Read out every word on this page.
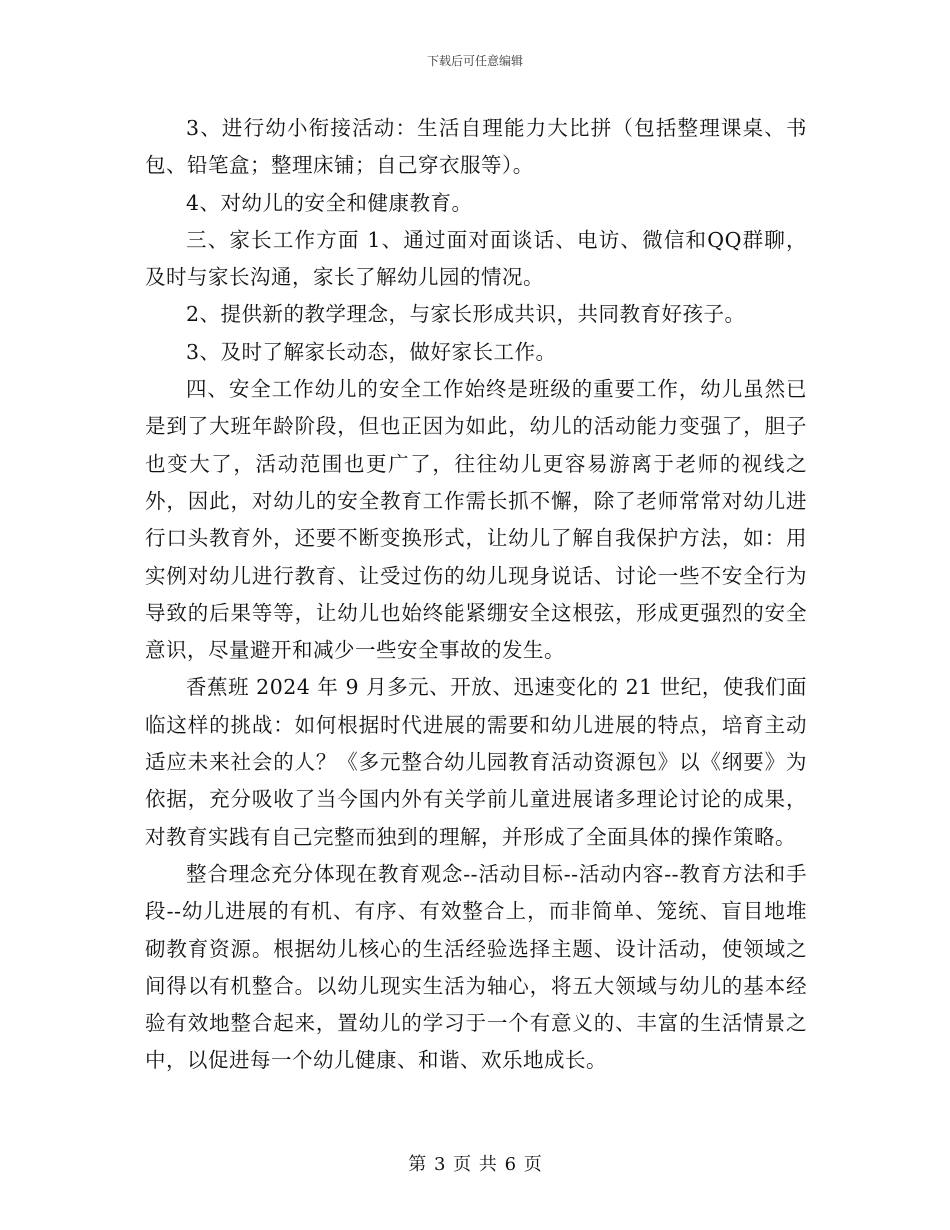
下载后可任意编辑

3、进行幼小衔接活动：生活自理能力大比拼（包括整理课桌、书包、铅笔盒；整理床铺；自己穿衣服等）。

4、对幼儿的安全和健康教育。

三、家长工作方面 1、通过面对面谈话、电访、微信和QQ群聊，及时与家长沟通，家长了解幼儿园的情况。

2、提供新的教学理念，与家长形成共识，共同教育好孩子。

3、及时了解家长动态，做好家长工作。

四、安全工作幼儿的安全工作始终是班级的重要工作，幼儿虽然已是到了大班年龄阶段，但也正因为如此，幼儿的活动能力变强了，胆子也变大了，活动范围也更广了，往往幼儿更容易游离于老师的视线之外，因此，对幼儿的安全教育工作需长抓不懈，除了老师常常对幼儿进行口头教育外，还要不断变换形式，让幼儿了解自我保护方法，如：用实例对幼儿进行教育、让受过伤的幼儿现身说话、讨论一些不安全行为导致的后果等等，让幼儿也始终能紧绷安全这根弦，形成更强烈的安全意识，尽量避开和减少一些安全事故的发生。

香蕉班 2024 年 9 月多元、开放、迅速变化的 21 世纪，使我们面临这样的挑战：如何根据时代进展的需要和幼儿进展的特点，培育主动适应未来社会的人？《多元整合幼儿园教育活动资源包》以《纲要》为依据，充分吸收了当今国内外有关学前儿童进展诸多理论讨论的成果，对教育实践有自己完整而独到的理解，并形成了全面具体的操作策略。

整合理念充分体现在教育观念--活动目标--活动内容--教育方法和手段--幼儿进展的有机、有序、有效整合上，而非简单、笼统、盲目地堆砌教育资源。根据幼儿核心的生活经验选择主题、设计活动，使领域之间得以有机整合。以幼儿现实生活为轴心，将五大领域与幼儿的基本经验有效地整合起来，置幼儿的学习于一个有意义的、丰富的生活情景之中，以促进每一个幼儿健康、和谐、欢乐地成长。

第 3 页 共 6 页
